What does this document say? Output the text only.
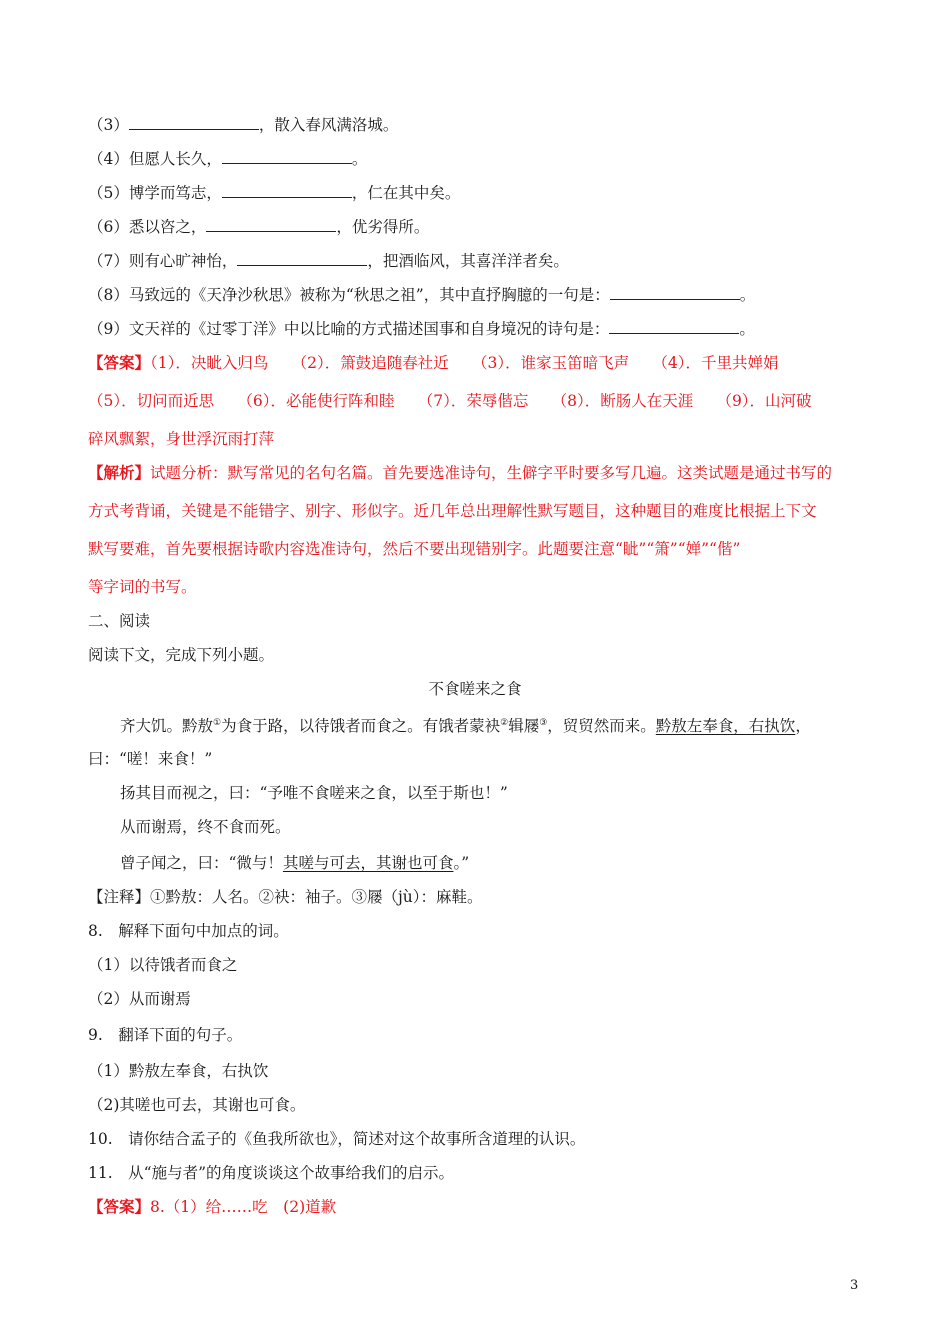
（3）	，散入春风满洛城。
（4）但愿人长久，	。
（5）博学而笃志，	，仁在其中矣。
（6）悉以咨之，	，优劣得所。
（7）则有心旷神怡，	，把酒临风，其喜洋洋者矣。
（8）马致远的《天净沙秋思》被称为“秋思之祖”，其中直抒胸臆的一句是：	。
（9）文天祥的《过零丁洋》中以比喻的方式描述国事和自身境况的诗句是：	。
【答案】（1）．决眦入归鸟　　（2）．箫鼓追随春社近　　（3）．谁家玉笛暗飞声　　（4）．千里共婵娟
（5）．切问而近思　　（6）．必能使行阵和睦　　（7）．荣辱偕忘　　（8）．断肠人在天涯　　（9）．山河破
碎风飘絮，身世浮沉雨打萍
【解析】试题分析：默写常见的名句名篇。首先要选准诗句，生僻字平时要多写几遍。这类试题是通过书写的
方式考背诵，关键是不能错字、别字、形似字。近几年总出理解性默写题目，这种题目的难度比根据上下文
默写要难，首先要根据诗歌内容选准诗句，然后不要出现错别字。此题要注意“眦”“箫”“婵”“偕”
等字词的书写。
二、阅读
阅读下文，完成下列小题。
不食嗟来之食
齐大饥。黔敖①为食于路，以待饿者而食之。有饿者蒙袂②辑屦③，贸贸然而来。黔敖左奉食，右执饮，
曰：“嗟！来食！”
扬其目而视之，曰：“予唯不食嗟来之食，以至于斯也！”
从而谢焉，终不食而死。
曾子闻之，曰：“微与！其嗟与可去，其谢也可食。”
【注释】①黔敖：人名。②袂：袖子。③屦（jù）：麻鞋。
8.　解释下面句中加点的词。
（1）以待饿者而食之
（2）从而谢焉
9.　翻译下面的句子。
（1）黔敖左奉食，右执饮
（2)其嗟也可去，其谢也可食。
10.　请你结合孟子的《鱼我所欲也》，简述对这个故事所含道理的认识。
11.　从“施与者”的角度谈谈这个故事给我们的启示。
【答案】8.（1）给……吃　(2)道歉
3
